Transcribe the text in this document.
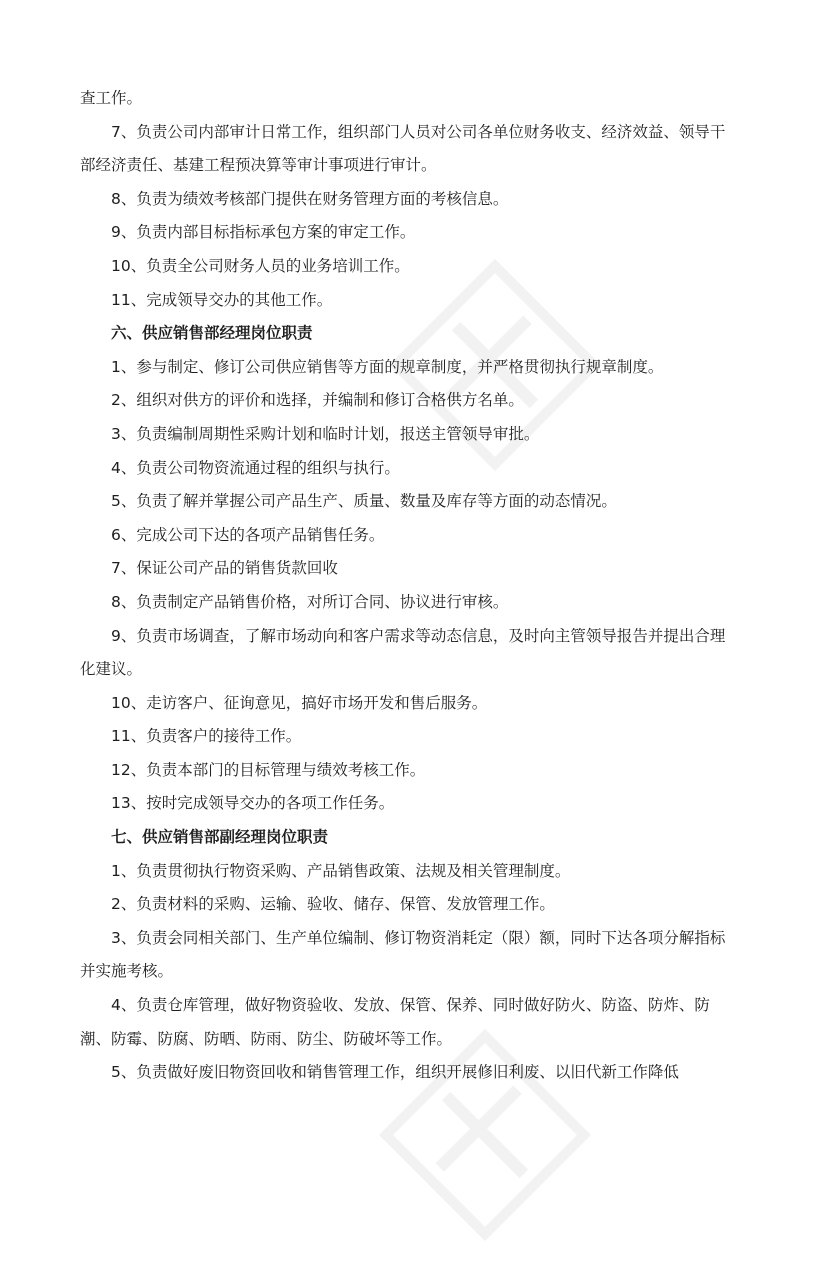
查工作。

7、负责公司内部审计日常工作，组织部门人员对公司各单位财务收支、经济效益、领导干部经济责任、基建工程预决算等审计事项进行审计。

8、负责为绩效考核部门提供在财务管理方面的考核信息。

9、负责内部目标指标承包方案的审定工作。

10、负责全公司财务人员的业务培训工作。

11、完成领导交办的其他工作。

六、供应销售部经理岗位职责

1、参与制定、修订公司供应销售等方面的规章制度，并严格贯彻执行规章制度。

2、组织对供方的评价和选择，并编制和修订合格供方名单。

3、负责编制周期性采购计划和临时计划，报送主管领导审批。

4、负责公司物资流通过程的组织与执行。

5、负责了解并掌握公司产品生产、质量、数量及库存等方面的动态情况。

6、完成公司下达的各项产品销售任务。

7、保证公司产品的销售货款回收

8、负责制定产品销售价格，对所订合同、协议进行审核。

9、负责市场调查，了解市场动向和客户需求等动态信息，及时向主管领导报告并提出合理化建议。

10、走访客户、征询意见，搞好市场开发和售后服务。

11、负责客户的接待工作。

12、负责本部门的目标管理与绩效考核工作。

13、按时完成领导交办的各项工作任务。

七、供应销售部副经理岗位职责

1、负责贯彻执行物资采购、产品销售政策、法规及相关管理制度。

2、负责材料的采购、运输、验收、储存、保管、发放管理工作。

3、负责会同相关部门、生产单位编制、修订物资消耗定（限）额，同时下达各项分解指标并实施考核。

4、负责仓库管理，做好物资验收、发放、保管、保养、同时做好防火、防盗、防炸、防潮、防霉、防腐、防晒、防雨、防尘、防破坏等工作。

5、负责做好废旧物资回收和销售管理工作，组织开展修旧利废、以旧代新工作降低
